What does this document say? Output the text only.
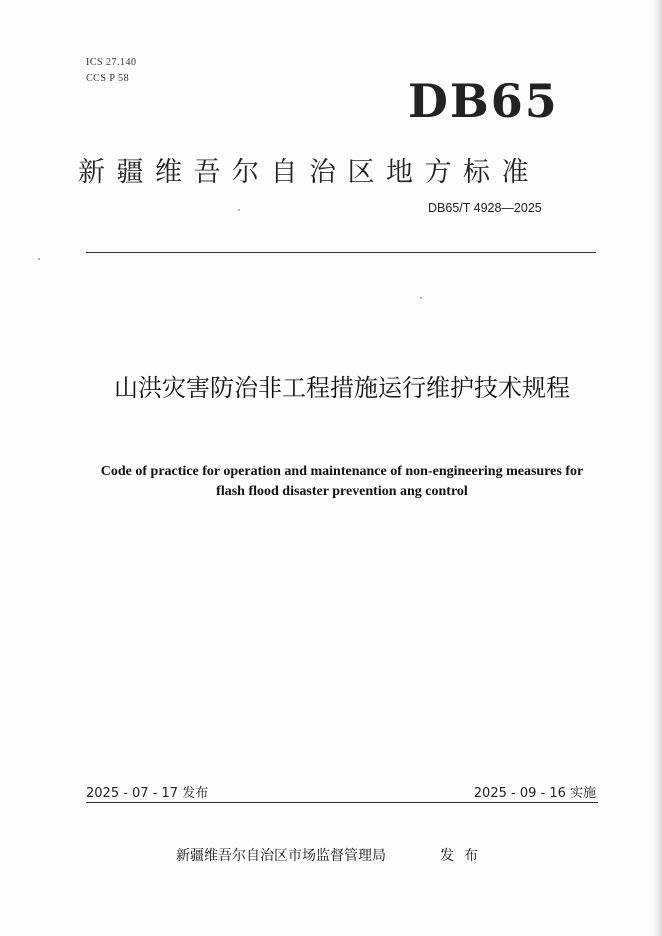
ICS 27.140
CCS P 58	DB65
新疆维吾尔自治区地方标准
DB65/T 4928—2025
山洪灾害防治非工程措施运行维护技术规程
Code of practice for operation and maintenance of non-engineering measures for flash flood disaster prevention ang control
2025 - 07 - 17 发布	2025 - 09 - 16 实施
新疆维吾尔自治区市场监督管理局	发布
